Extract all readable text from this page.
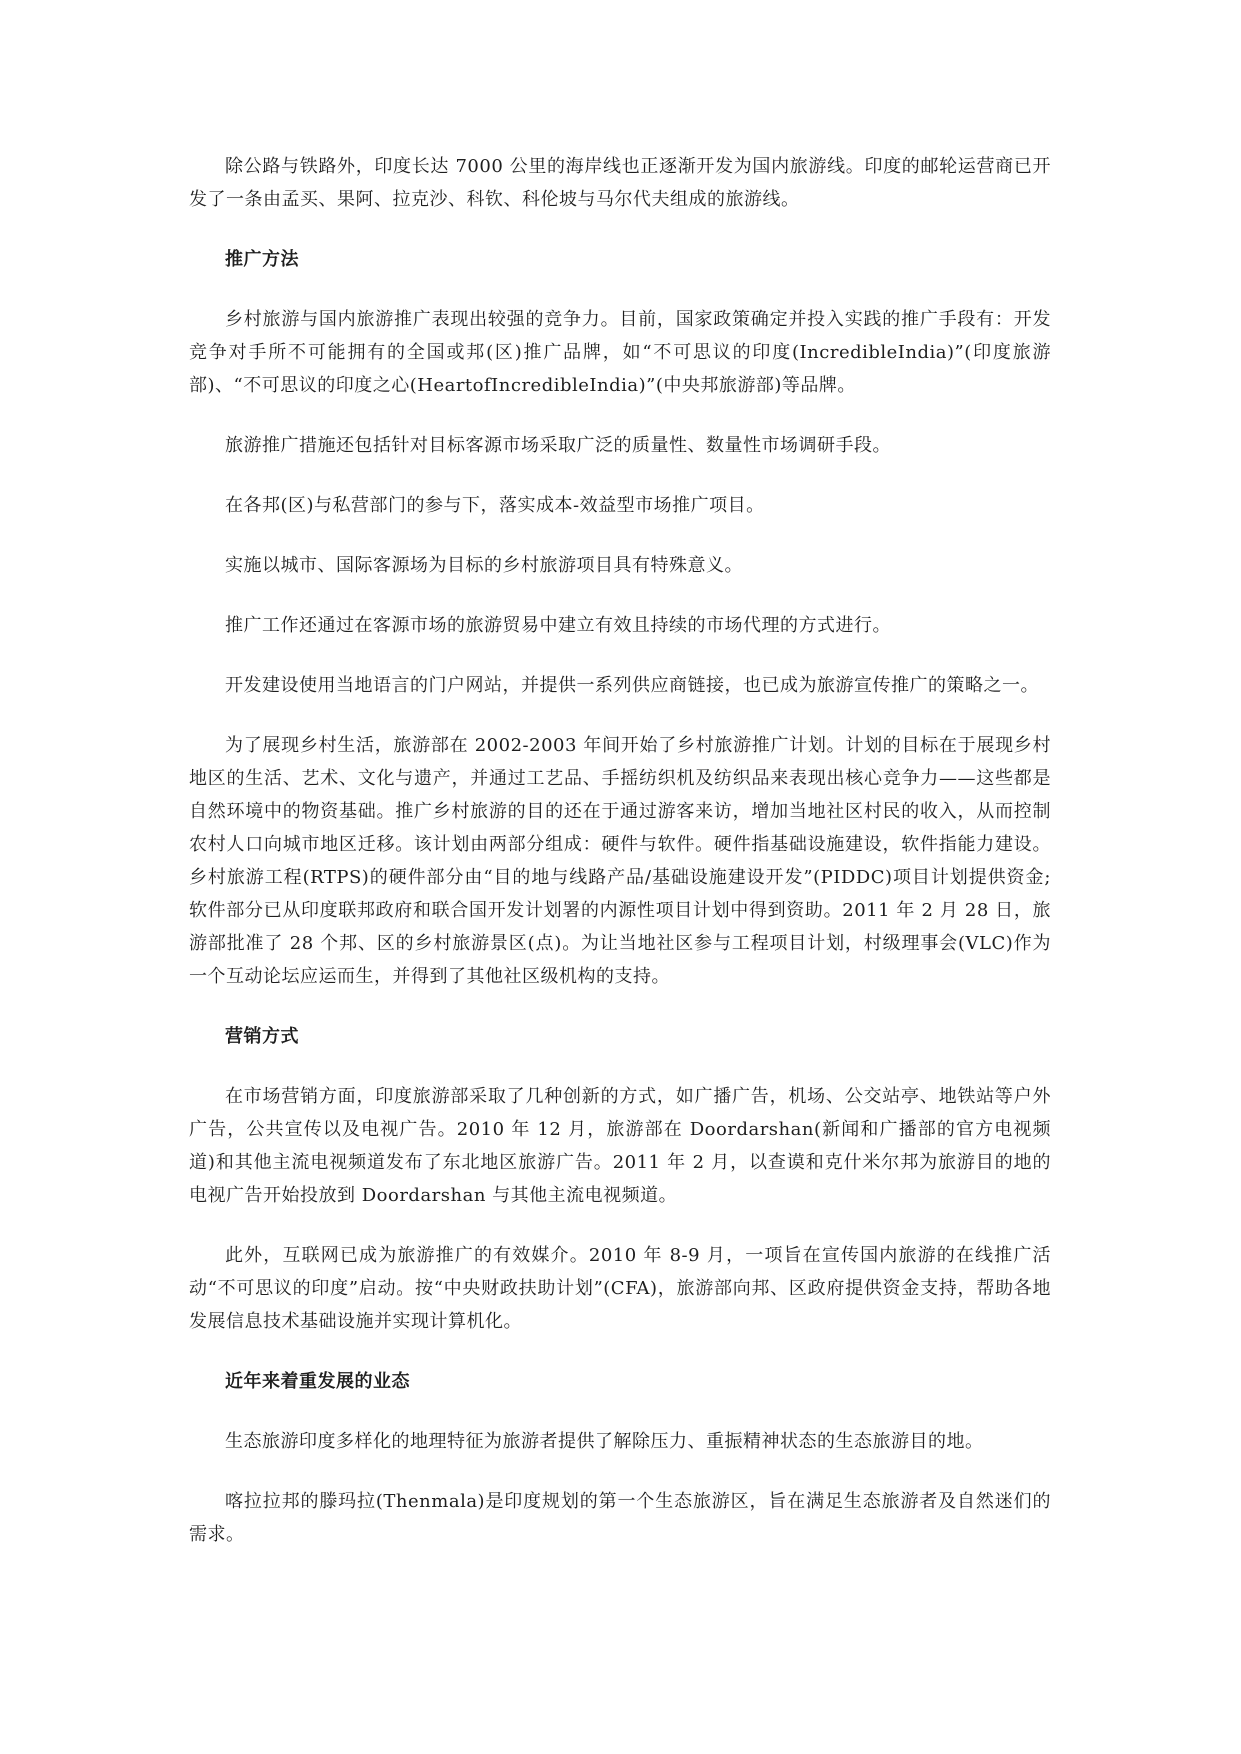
除公路与铁路外，印度长达 7000 公里的海岸线也正逐渐开发为国内旅游线。印度的邮轮运营商已开发了一条由孟买、果阿、拉克沙、科钦、科伦坡与马尔代夫组成的旅游线。

推广方法

乡村旅游与国内旅游推广表现出较强的竞争力。目前，国家政策确定并投入实践的推广手段有：开发竞争对手所不可能拥有的全国或邦(区)推广品牌，如“不可思议的印度(IncredibleIndia)”(印度旅游部)、“不可思议的印度之心(HeartofIncredibleIndia)”(中央邦旅游部)等品牌。

旅游推广措施还包括针对目标客源市场采取广泛的质量性、数量性市场调研手段。

在各邦(区)与私营部门的参与下，落实成本-效益型市场推广项目。

实施以城市、国际客源场为目标的乡村旅游项目具有特殊意义。

推广工作还通过在客源市场的旅游贸易中建立有效且持续的市场代理的方式进行。

开发建设使用当地语言的门户网站，并提供一系列供应商链接，也已成为旅游宣传推广的策略之一。

为了展现乡村生活，旅游部在 2002-2003 年间开始了乡村旅游推广计划。计划的目标在于展现乡村地区的生活、艺术、文化与遗产，并通过工艺品、手摇纺织机及纺织品来表现出核心竞争力——这些都是自然环境中的物资基础。推广乡村旅游的目的还在于通过游客来访，增加当地社区村民的收入，从而控制农村人口向城市地区迁移。该计划由两部分组成：硬件与软件。硬件指基础设施建设，软件指能力建设。乡村旅游工程(RTPS)的硬件部分由“目的地与线路产品/基础设施建设开发”(PIDDC)项目计划提供资金;软件部分已从印度联邦政府和联合国开发计划署的内源性项目计划中得到资助。2011 年 2 月 28 日，旅游部批准了 28 个邦、区的乡村旅游景区(点)。为让当地社区参与工程项目计划，村级理事会(VLC)作为一个互动论坛应运而生，并得到了其他社区级机构的支持。

营销方式

在市场营销方面，印度旅游部采取了几种创新的方式，如广播广告，机场、公交站亭、地铁站等户外广告，公共宣传以及电视广告。2010 年 12 月，旅游部在 Doordarshan(新闻和广播部的官方电视频道)和其他主流电视频道发布了东北地区旅游广告。2011 年 2 月，以查谟和克什米尔邦为旅游目的地的电视广告开始投放到 Doordarshan 与其他主流电视频道。

此外，互联网已成为旅游推广的有效媒介。2010 年 8-9 月，一项旨在宣传国内旅游的在线推广活动“不可思议的印度”启动。按“中央财政扶助计划”(CFA)，旅游部向邦、区政府提供资金支持，帮助各地发展信息技术基础设施并实现计算机化。

近年来着重发展的业态

生态旅游印度多样化的地理特征为旅游者提供了解除压力、重振精神状态的生态旅游目的地。

喀拉拉邦的滕玛拉(Thenmala)是印度规划的第一个生态旅游区，旨在满足生态旅游者及自然迷们的需求。
